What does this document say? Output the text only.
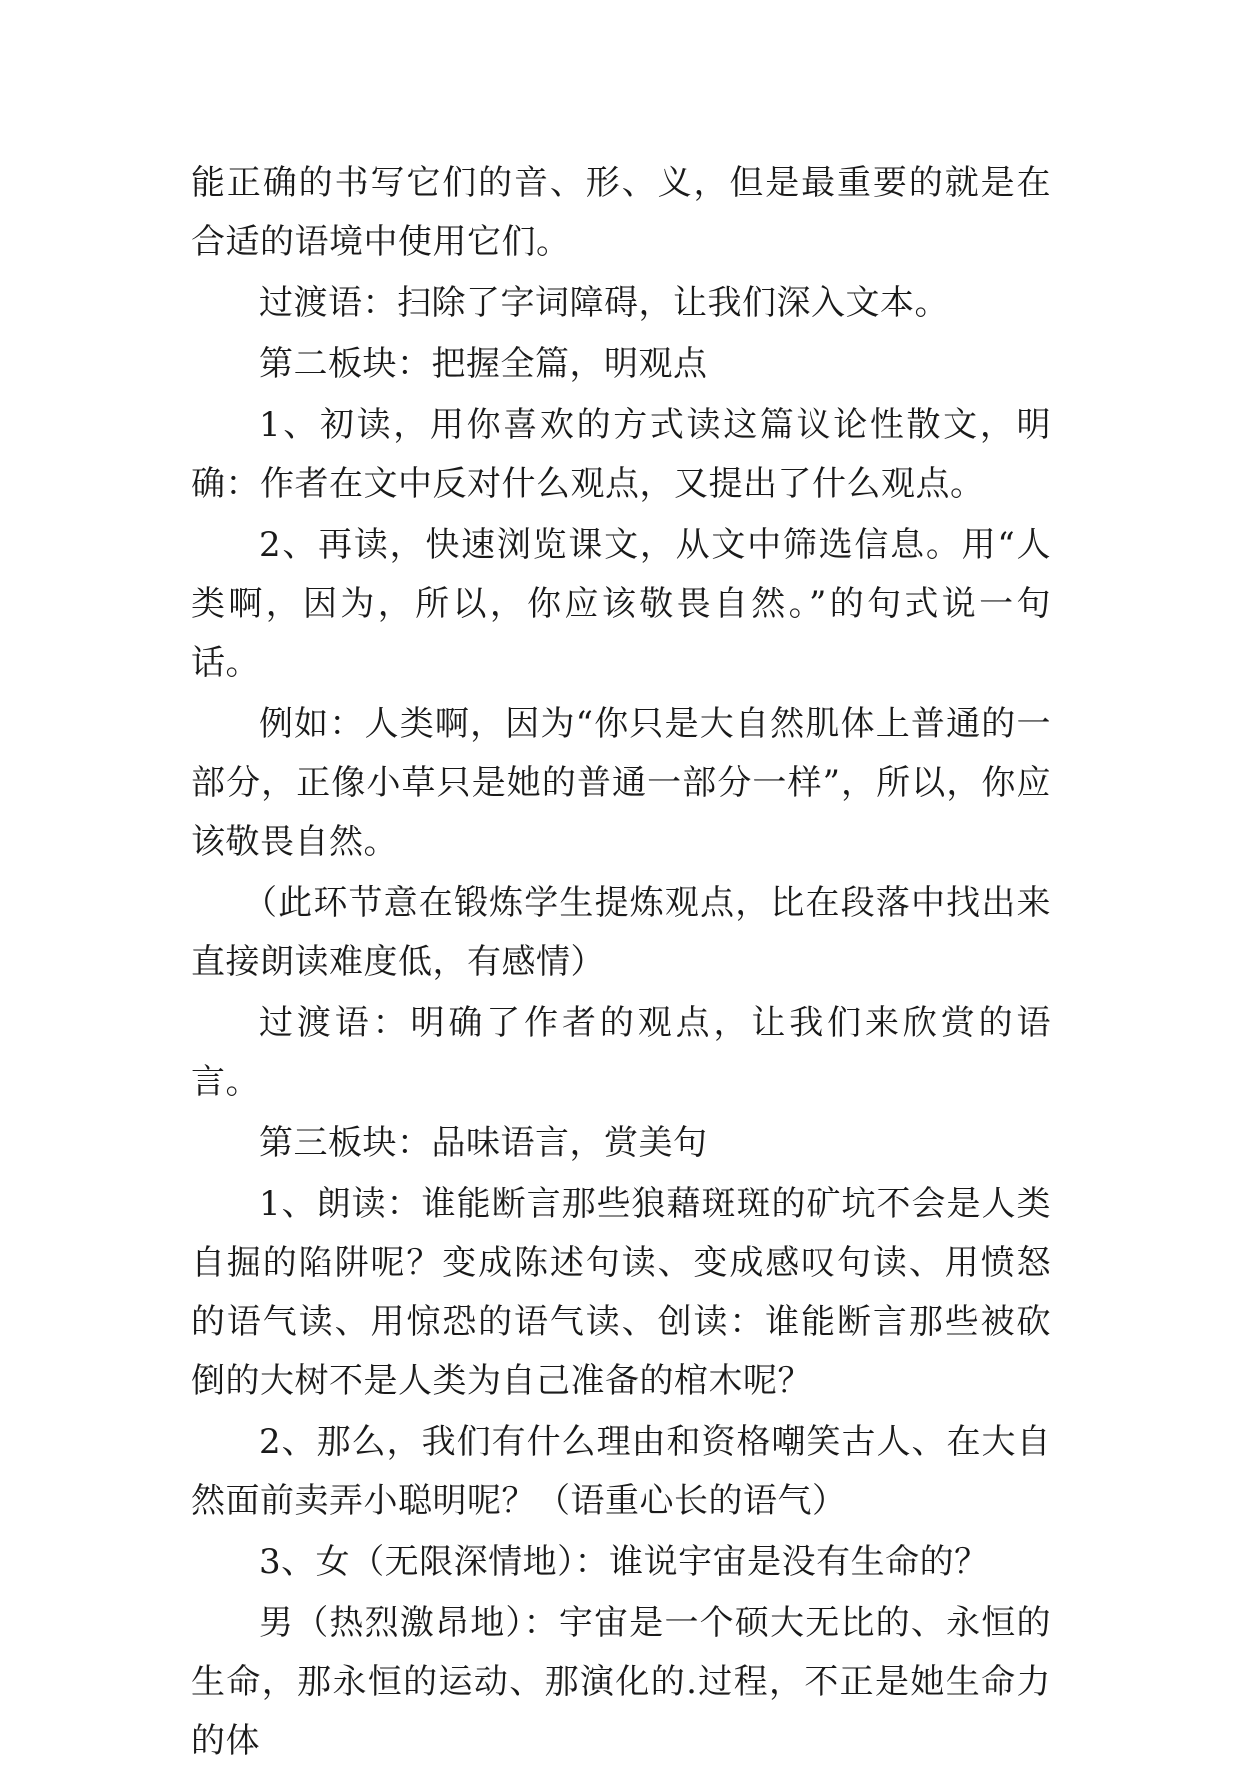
能正确的书写它们的音、形、义，但是最重要的就是在合适的语境中使用它们。

过渡语：扫除了字词障碍，让我们深入文本。

第二板块：把握全篇，明观点

1、初读，用你喜欢的方式读这篇议论性散文，明确：作者在文中反对什么观点，又提出了什么观点。

2、再读，快速浏览课文，从文中筛选信息。用“人类啊，因为，所以，你应该敬畏自然。”的句式说一句话。

例如：人类啊，因为“你只是大自然肌体上普通的一部分，正像小草只是她的普通一部分一样”，所以，你应该敬畏自然。

（此环节意在锻炼学生提炼观点，比在段落中找出来直接朗读难度低，有感情）

过渡语：明确了作者的观点，让我们来欣赏的语言。

第三板块：品味语言，赏美句

1、朗读：谁能断言那些狼藉斑斑的矿坑不会是人类自掘的陷阱呢？变成陈述句读、变成感叹句读、用愤怒的语气读、用惊恐的语气读、创读：谁能断言那些被砍倒的大树不是人类为自己准备的棺木呢？

2、那么，我们有什么理由和资格嘲笑古人、在大自然面前卖弄小聪明呢？（语重心长的语气）

3、女（无限深情地）：谁说宇宙是没有生命的？

男（热烈激昂地）：宇宙是一个硕大无比的、永恒的生命，那永恒的运动、那演化的.过程，不正是她生命力的体
